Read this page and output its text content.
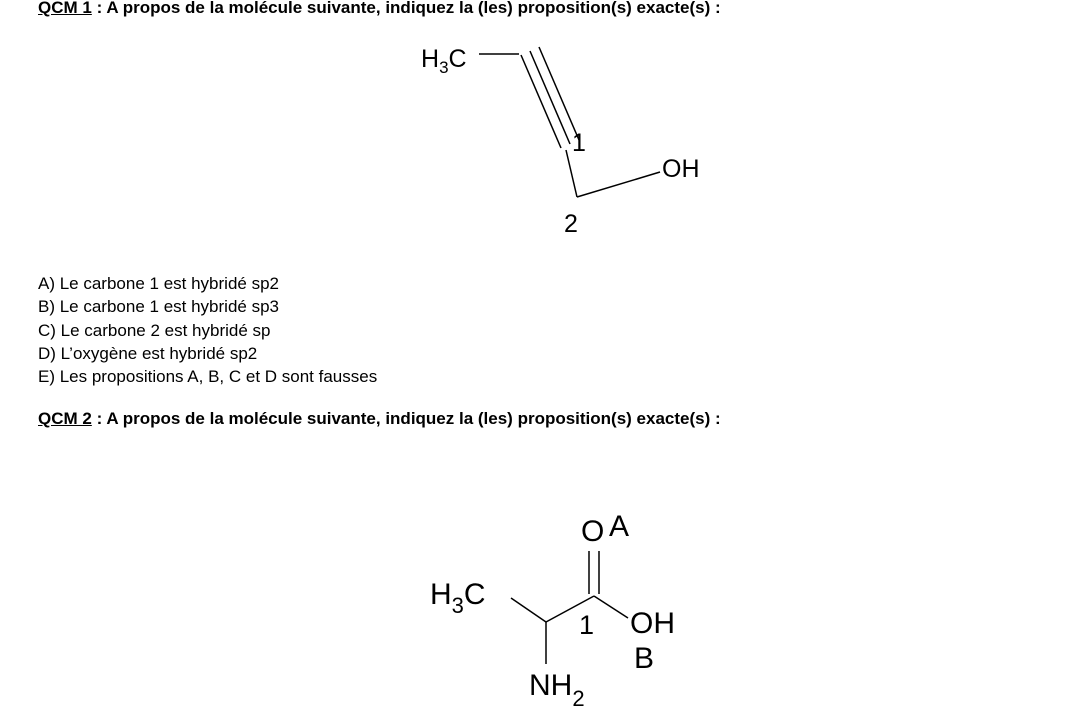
QCM 1 : A propos de la molécule suivante, indiquez la (les) proposition(s) exacte(s) :

$H_3C$
1
2
OH
A) Le carbone 1 est hybridé sp2
B) Le carbone 1 est hybridé sp3
C) Le carbone 2 est hybridé sp
D) L’oxygène est hybridé sp2
E) Les propositions A, B, C et D sont fausses

QCM 2 : A propos de la molécule suivante, indiquez la (les) proposition(s) exacte(s) :

O A
$H_3C$
1 OH
B
$NH_2$
